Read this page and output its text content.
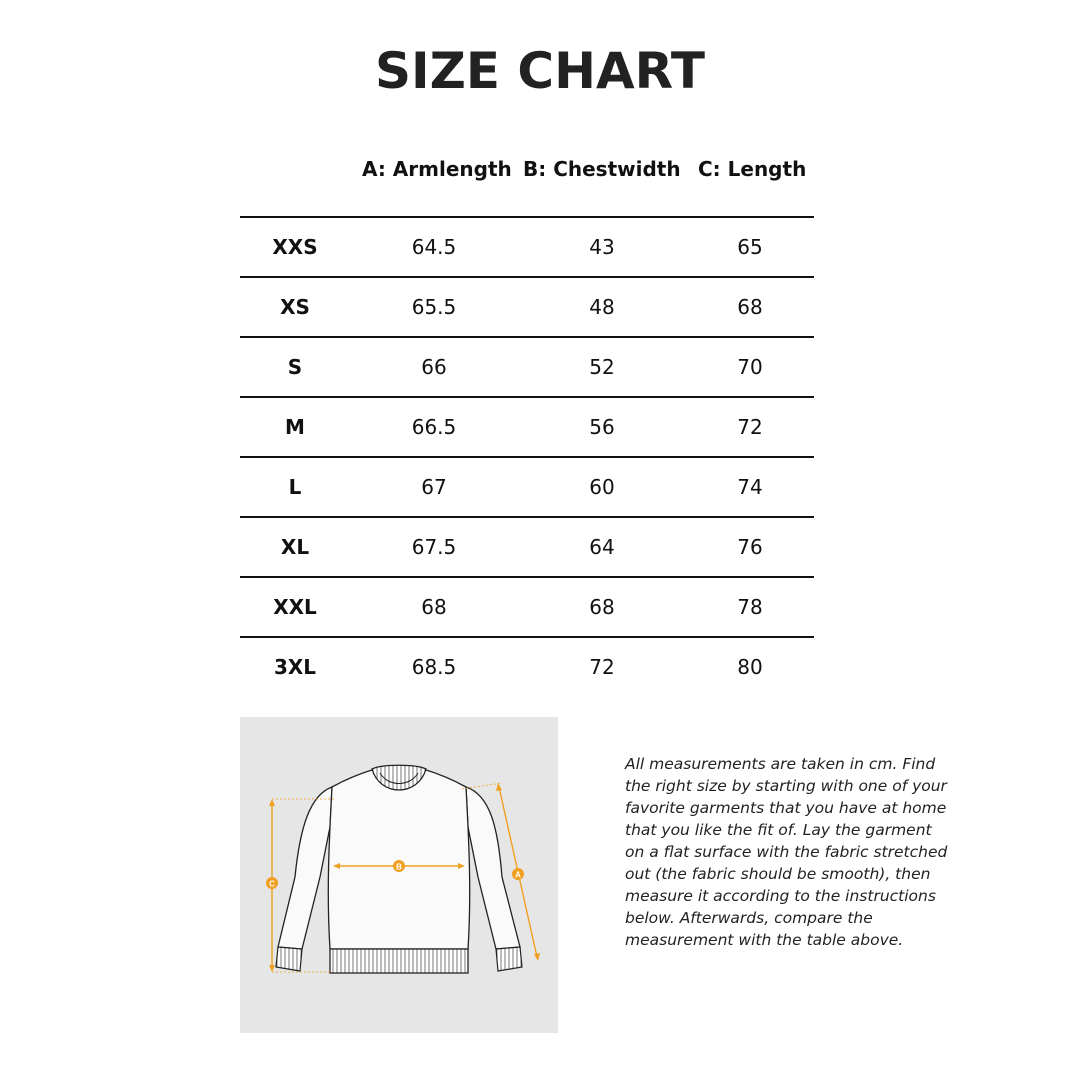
SIZE CHART
A: Armlength B: Chestwidth C: Length
XXS	64.5	43	65
XS	65.5	48	68
S	66	52	70
M	66.5	56	72
L	67	60	74
XL	67.5	64	76
XXL	68	68	78
3XL	68.5	72	80
C
B
A
All measurements are taken in cm. Find the right size by starting with one of your favorite garments that you have at home that you like the fit of. Lay the garment on a flat surface with the fabric stretched out (the fabric should be smooth), then measure it according to the instructions below. Afterwards, compare the measurement with the table above.
